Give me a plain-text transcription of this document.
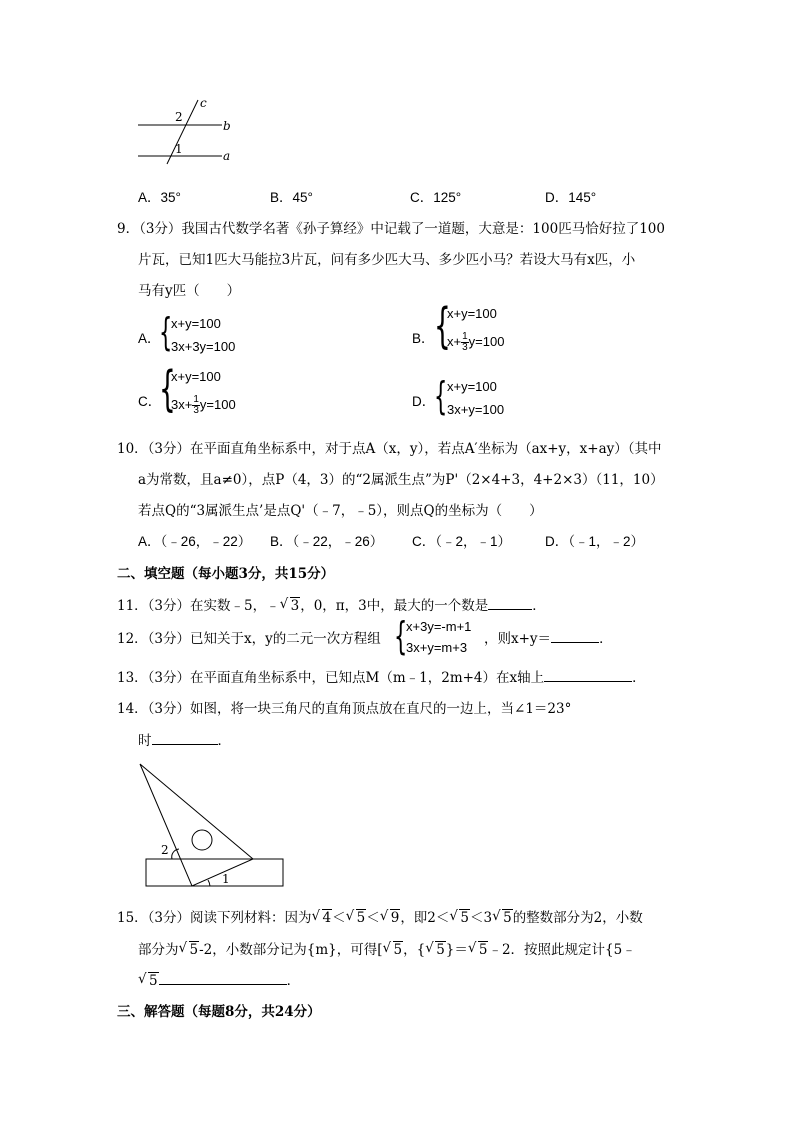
c
b
a
2
1
A．35°	B．45°	C．125°	D．145°
9．（3分）我国古代数学名著《孙子算经》中记载了一道题，大意是：100匹马恰好拉了100
片瓦，已知1匹大马能拉3片瓦，问有多少匹大马、多少匹小马？若设大马有x匹，小
马有y匹（　　）
A．
{
x+y=100
3x+3y=100
B． {
x+y=100
$x+ \frac{1}{3} y=100$
C．
{
x+y=100
$3x+ \frac{1}{3} y=100$	D．
{ x+y=100
3x+y=100
10．（3分）在平面直角坐标系中，对于点A（x，y），若点A′坐标为（ax+y，x+ay）（其中
a为常数，且a≠0），点P（4，3）的“2属派生点”为P'（2×4+3，4+2×3）（11，10）
若点Q的“3属派生点’是点Q'（﹣7，﹣5），则点Q的坐标为（　　）
A．（﹣26，﹣22） B．（﹣22，﹣26） C．（﹣2，﹣1）	D．（﹣1，﹣2）
二、填空题（每小题3分，共15分）
11．（3分）在实数﹣5，﹣ √ 3，0，π，3中，最大的一个数是	．
12．（3分）已知关于x，y的二元一次方程组 {
x+3y=-m+1
3x+y=m+3
，则x+y＝	．
13．（3分）在平面直角坐标系中，已知点M（m﹣1，2m+4）在x轴上	．
14．（3分）如图，将一块三角尺的直角顶点放在直尺的一边上，当∠1＝23°
时	．
2
1
15．（3分）阅读下列材料：因为 √ 4＜ √ 5＜ √ 9，即2＜ √ 5＜3 √ 5的整数部分为2，小数
部分为 √ 5-2，小数部分记为{m}，可得[ √ 5，{ √ 5}＝ √ 5﹣2．按照此规定计{5﹣
√ 5	．
三、解答题（每题8分，共24分）
